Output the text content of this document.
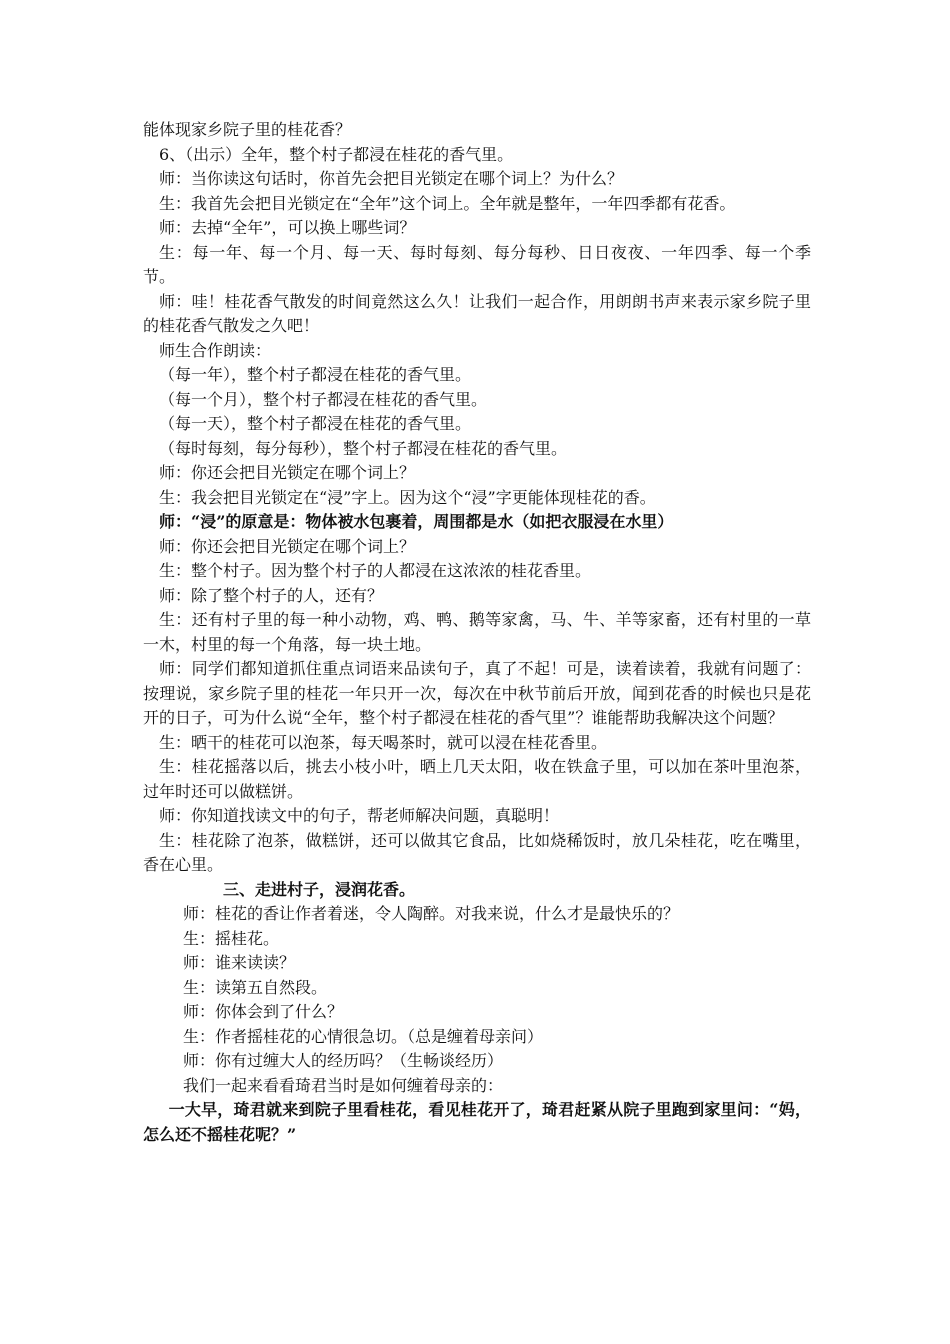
能体现家乡院子里的桂花香？

6、（出示）全年，整个村子都浸在桂花的香气里。

师：当你读这句话时，你首先会把目光锁定在哪个词上？为什么？

生：我首先会把目光锁定在“全年”这个词上。全年就是整年，一年四季都有花香。

师：去掉“全年”，可以换上哪些词？

生：每一年、每一个月、每一天、每时每刻、每分每秒、日日夜夜、一年四季、每一个季节。

师：哇！桂花香气散发的时间竟然这么久！让我们一起合作，用朗朗书声来表示家乡院子里的桂花香气散发之久吧！

师生合作朗读：

（每一年），整个村子都浸在桂花的香气里。

（每一个月），整个村子都浸在桂花的香气里。

（每一天），整个村子都浸在桂花的香气里。

（每时每刻，每分每秒），整个村子都浸在桂花的香气里。

师：你还会把目光锁定在哪个词上？

生：我会把目光锁定在“浸”字上。因为这个“浸”字更能体现桂花的香。

师：“浸”的原意是：物体被水包裹着，周围都是水（如把衣服浸在水里）

师：你还会把目光锁定在哪个词上？

生：整个村子。因为整个村子的人都浸在这浓浓的桂花香里。

师：除了整个村子的人，还有？

生：还有村子里的每一种小动物，鸡、鸭、鹅等家禽，马、牛、羊等家畜，还有村里的一草一木，村里的每一个角落，每一块土地。

师：同学们都知道抓住重点词语来品读句子，真了不起！可是，读着读着，我就有问题了：按理说，家乡院子里的桂花一年只开一次，每次在中秋节前后开放，闻到花香的时候也只是花开的日子，可为什么说“全年，整个村子都浸在桂花的香气里”？谁能帮助我解决这个问题？

生：晒干的桂花可以泡茶，每天喝茶时，就可以浸在桂花香里。

生：桂花摇落以后，挑去小枝小叶，晒上几天太阳，收在铁盒子里，可以加在茶叶里泡茶，过年时还可以做糕饼。

师：你知道找读文中的句子，帮老师解决问题，真聪明！

生：桂花除了泡茶，做糕饼，还可以做其它食品，比如烧稀饭时，放几朵桂花，吃在嘴里，香在心里。

三、走进村子，浸润花香。

师：桂花的香让作者着迷，令人陶醉。对我来说，什么才是最快乐的？

生：摇桂花。

师：谁来读读？

生：读第五自然段。

师：你体会到了什么？

生：作者摇桂花的心情很急切。（总是缠着母亲问）

师：你有过缠大人的经历吗？（生畅谈经历）

我们一起来看看琦君当时是如何缠着母亲的：

一大早，琦君就来到院子里看桂花，看见桂花开了，琦君赶紧从院子里跑到家里问：“妈，怎么还不摇桂花呢？”
